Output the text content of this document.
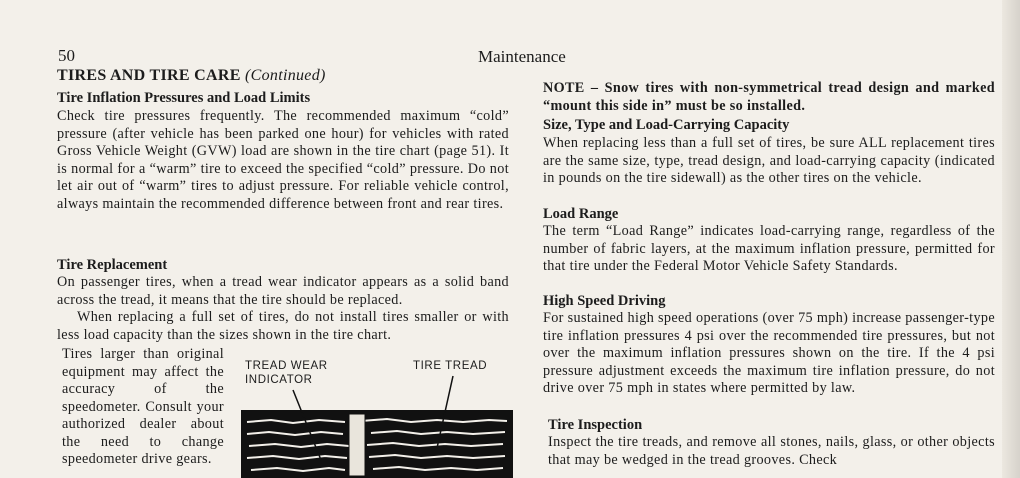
50	Maintenance
TIRES AND TIRE CARE (Continued)
Tire Inflation Pressures and Load Limits

Check tire pressures frequently. The recommended maximum “cold” pressure (after vehicle has been parked one hour) for vehicles with rated Gross Vehicle Weight (GVW) load are shown in the tire chart (page 51). It is normal for a “warm” tire to exceed the specified “cold” pressure. Do not let air out of “warm” tires to adjust pressure. For reliable vehicle control, always maintain the recommended difference between front and rear tires.

Tire Replacement

On passenger tires, when a tread wear indicator appears as a solid band across the tread, it means that the tire should be replaced.

When replacing a full set of tires, do not install tires smaller or with less load capacity than the sizes shown in the tire chart.

Tires larger than original equipment may affect the accuracy of the speedometer. Consult your authorized dealer about the need to change speedometer drive gears.

TREAD WEAR
INDICATOR
TIRE TREAD

NOTE – Snow tires with non-symmetrical tread design and marked “mount this side in” must be so installed.

Size, Type and Load-Carrying Capacity

When replacing less than a full set of tires, be sure ALL replacement tires are the same size, type, tread design, and load-carrying capacity (indicated in pounds on the tire sidewall) as the other tires on the vehicle.

Load Range

The term “Load Range” indicates load-carrying range, regardless of the number of fabric layers, at the maximum inflation pressure, permitted for that tire under the Federal Motor Vehicle Safety Standards.

High Speed Driving

For sustained high speed operations (over 75 mph) increase passenger-type tire inflation pressures 4 psi over the recommended tire pressures, but not over the maximum inflation pressures shown on the tire. If the 4 psi pressure adjustment exceeds the maximum tire inflation pressure, do not drive over 75 mph in states where permitted by law.

Tire Inspection

Inspect the tire treads, and remove all stones, nails, glass, or other objects that may be wedged in the tread grooves. Check
